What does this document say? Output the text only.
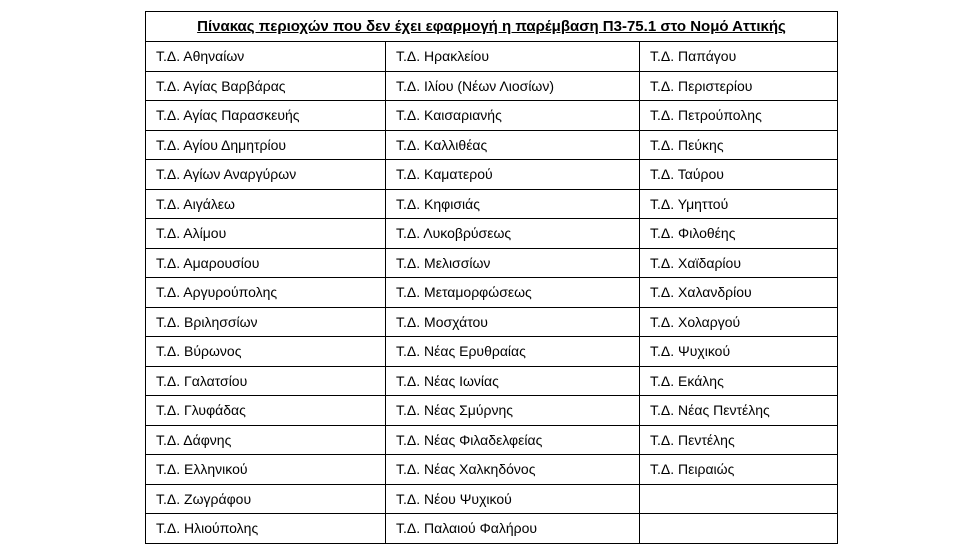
Πίνακας περιοχών που δεν έχει εφαρμογή η παρέμβαση Π3-75.1 στο Νομό Αττικής		
Τ.Δ. Αθηναίων	Τ.Δ. Ηρακλείου	Τ.Δ. Παπάγου
Τ.Δ. Αγίας Βαρβάρας	Τ.Δ. Ιλίου (Νέων Λιοσίων)	Τ.Δ. Περιστερίου
Τ.Δ. Αγίας Παρασκευής	Τ.Δ. Καισαριανής	Τ.Δ. Πετρούπολης
Τ.Δ. Αγίου Δημητρίου	Τ.Δ. Καλλιθέας	Τ.Δ. Πεύκης
Τ.Δ. Αγίων Αναργύρων	Τ.Δ. Καματερού	Τ.Δ. Ταύρου
Τ.Δ. Αιγάλεω	Τ.Δ. Κηφισιάς	Τ.Δ. Υμηττού
Τ.Δ. Αλίμου	Τ.Δ. Λυκοβρύσεως	Τ.Δ. Φιλοθέης
Τ.Δ. Αμαρουσίου	Τ.Δ. Μελισσίων	Τ.Δ. Χαϊδαρίου
Τ.Δ. Αργυρούπολης	Τ.Δ. Μεταμορφώσεως	Τ.Δ. Χαλανδρίου
Τ.Δ. Βριλησσίων	Τ.Δ. Μοσχάτου	Τ.Δ. Χολαργού
Τ.Δ. Βύρωνος	Τ.Δ. Νέας Ερυθραίας	Τ.Δ. Ψυχικού
Τ.Δ. Γαλατσίου	Τ.Δ. Νέας Ιωνίας	Τ.Δ. Εκάλης
Τ.Δ. Γλυφάδας	Τ.Δ. Νέας Σμύρνης	Τ.Δ. Νέας Πεντέλης
Τ.Δ. Δάφνης	Τ.Δ. Νέας Φιλαδελφείας	Τ.Δ. Πεντέλης
Τ.Δ. Ελληνικού	Τ.Δ. Νέας Χαλκηδόνος	Τ.Δ. Πειραιώς
Τ.Δ. Ζωγράφου	Τ.Δ. Νέου Ψυχικού	
Τ.Δ. Ηλιούπολης	Τ.Δ. Παλαιού Φαλήρου	
